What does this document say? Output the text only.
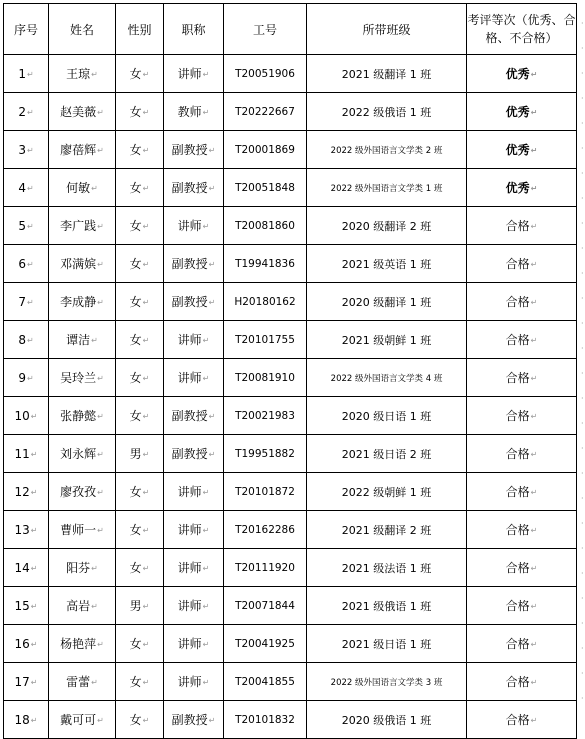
序号	姓名	性别	职称	工号	所带班级	考评等次（优秀、合格、不合格）
1↵	王琼↵	女↵	讲师↵	T20051906	2021 级翻译 1 班	优秀↵
2↵	赵美薇↵	女↵	教师↵	T20222667	2022 级俄语 1 班	优秀↵
3↵	廖蓓辉↵	女↵	副教授↵	T20001869	2022 级外国语言文学类 2 班	优秀↵
4↵	何敏↵	女↵	副教授↵	T20051848	2022 级外国语言文学类 1 班	优秀↵
5↵	李广践↵	女↵	讲师↵	T20081860	2020 级翻译 2 班	合格↵
6↵	邓满嫔↵	女↵	副教授↵	T19941836	2021 级英语 1 班	合格↵
7↵	李成静↵	女↵	副教授↵	H20180162	2020 级翻译 1 班	合格↵
8↵	谭洁↵	女↵	讲师↵	T20101755	2021 级朝鲜 1 班	合格↵
9↵	吴玲兰↵	女↵	讲师↵	T20081910	2022 级外国语言文学类 4 班	合格↵
10↵	张静懿↵	女↵	副教授↵	T20021983	2020 级日语 1 班	合格↵
11↵	刘永辉↵	男↵	副教授↵	T19951882	2021 级日语 2 班	合格↵
12↵	廖孜孜↵	女↵	讲师↵	T20101872	2022 级朝鲜 1 班	合格↵
13↵	曹师一↵	女↵	讲师↵	T20162286	2021 级翻译 2 班	合格↵
14↵	阳芬↵	女↵	讲师↵	T20111920	2021 级法语 1 班	合格↵
15↵	高岩↵	男↵	讲师↵	T20071844	2021 级俄语 1 班	合格↵
16↵	杨艳萍↵	女↵	讲师↵	T20041925	2021 级日语 1 班	合格↵
17↵	雷蕾↵	女↵	讲师↵	T20041855	2022 级外国语言文学类 3 班	合格↵
18↵	戴可可↵	女↵	副教授↵	T20101832	2020 级俄语 1 班	合格↵
·
·
·
·
·
·
·
·
·
·
·
·
·
·
·
·
·
·
·
·
·
·
·
·
·
·
·
·
